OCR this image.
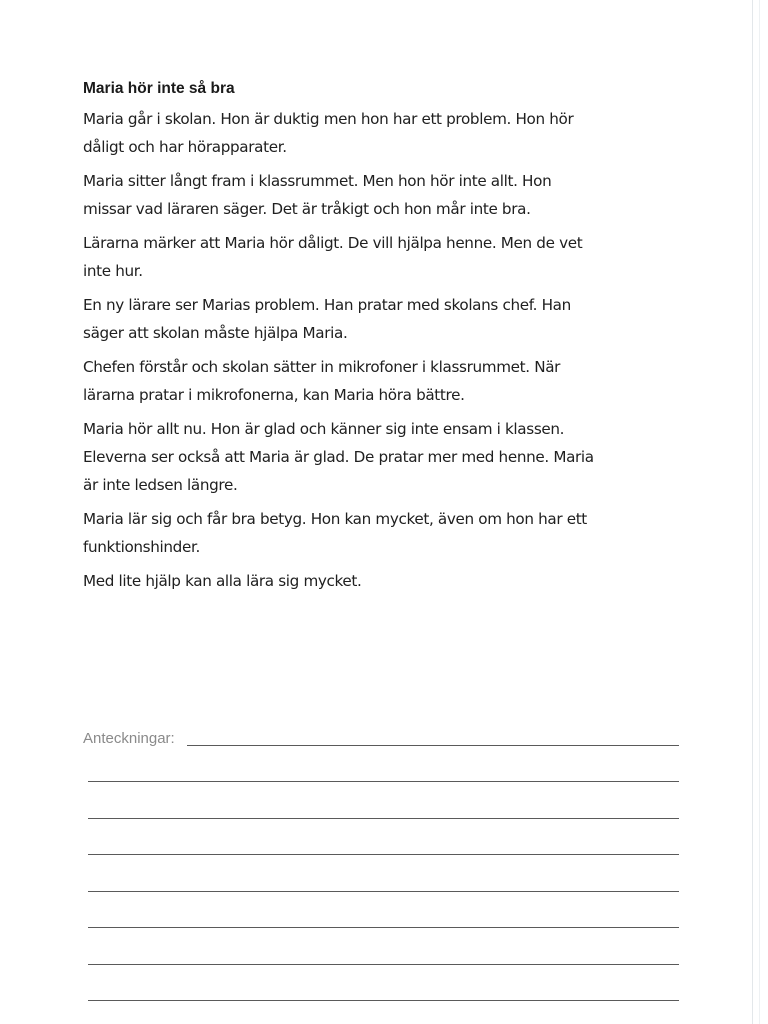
Maria hör inte så bra
Maria går i skolan. Hon är duktig men hon har ett problem. Hon hör
dåligt och har hörapparater.
Maria sitter långt fram i klassrummet. Men hon hör inte allt. Hon
missar vad läraren säger. Det är tråkigt och hon mår inte bra.
Lärarna märker att Maria hör dåligt. De vill hjälpa henne. Men de vet
inte hur.
En ny lärare ser Marias problem. Han pratar med skolans chef. Han
säger att skolan måste hjälpa Maria.
Chefen förstår och skolan sätter in mikrofoner i klassrummet. När
lärarna pratar i mikrofonerna, kan Maria höra bättre.
Maria hör allt nu. Hon är glad och känner sig inte ensam i klassen.
Eleverna ser också att Maria är glad. De pratar mer med henne. Maria
är inte ledsen längre.
Maria lär sig och får bra betyg. Hon kan mycket, även om hon har ett
funktionshinder.
Med lite hjälp kan alla lära sig mycket.
Anteckningar:
